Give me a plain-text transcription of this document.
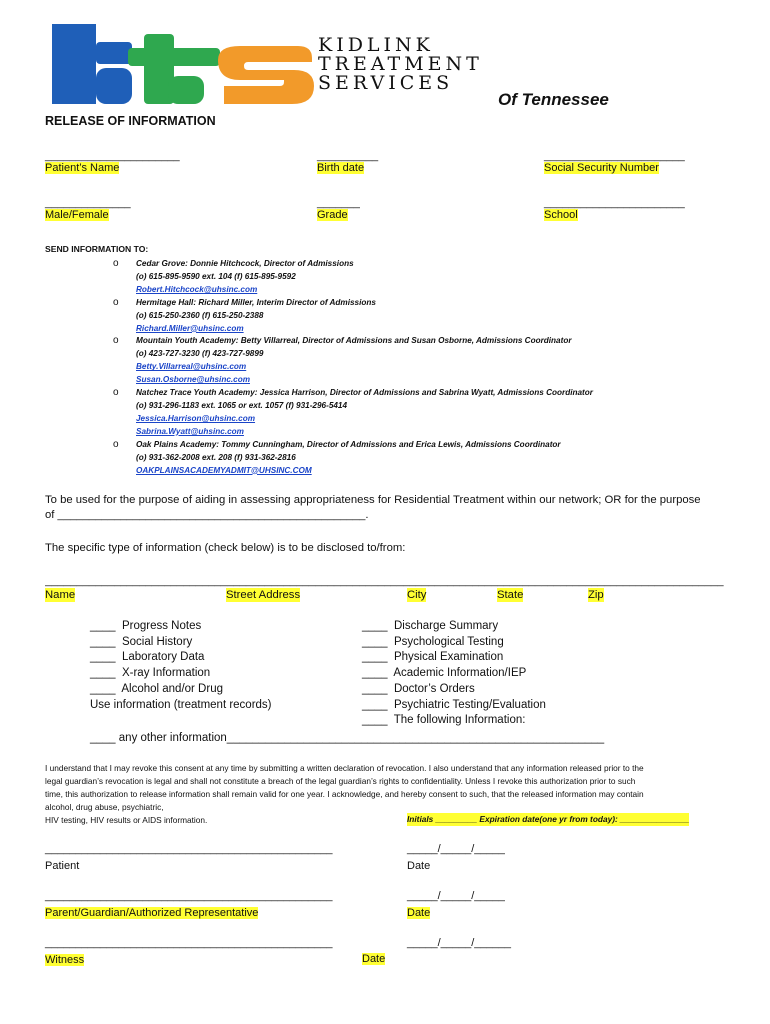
KIDLINK
TREATMENT
SERVICES
Of Tennessee
RELEASE OF INFORMATION
______________________
Patient’s Name
__________
Birth date
_______________________
Social Security Number
______________
Male/Female
_______
Grade
_______________________
School
SEND INFORMATION TO:
o Cedar Grove: Donnie Hitchcock, Director of Admissions
(o) 615-895-9590 ext. 104 (f) 615-895-9592
Robert.Hitchcock@uhsinc.com
o Hermitage Hall: Richard Miller, Interim Director of Admissions
(o) 615-250-2360 (f) 615-250-2388
Richard.Miller@uhsinc.com
o Mountain Youth Academy: Betty Villarreal, Director of Admissions and Susan Osborne, Admissions Coordinator
(o) 423-727-3230 (f) 423-727-9899
Betty.Villarreal@uhsinc.com
Susan.Osborne@uhsinc.com
o Natchez Trace Youth Academy: Jessica Harrison, Director of Admissions and Sabrina Wyatt, Admissions Coordinator
(o) 931-296-1183 ext. 1065 or ext. 1057 (f) 931-296-5414
Jessica.Harrison@uhsinc.com
Sabrina.Wyatt@uhsinc.com
o Oak Plains Academy: Tommy Cunningham, Director of Admissions and Erica Lewis, Admissions Coordinator
(o) 931-362-2008 ext. 208 (f) 931-362-2816
OAKPLAINSACADEMYADMIT@UHSINC.COM
To be used for the purpose of aiding in assessing appropriateness for Residential Treatment within our network; OR for the purpose
of _________________________________________________.
The specific type of information (check below) is to be disclosed to/from:
____________________________________________________________________________________________________________
Name	Street Address	City	State	Zip
____  Progress Notes
____  Social History
____  Laboratory Data
____  X-ray Information
____  Alcohol and/or Drug
Use information (treatment records)
____  Discharge Summary
____  Psychological Testing
____  Physical Examination
____  Academic Information/IEP
____  Doctor’s Orders
____  Psychiatric Testing/Evaluation
____  The following Information:
____ any other information___________________________________________________________
I understand that I may revoke this consent at any time by submitting a written declaration of revocation. I also understand that any information released prior to the
legal guardian’s revocation is legal and shall not constitute a breach of the legal guardian’s rights to confidentiality. Unless I revoke this authorization prior to such
time, this authorization to release information shall remain valid for one year. I acknowledge, and hereby consent to such, that the released information may contain
alcohol, drug abuse, psychiatric,
HIV testing, HIV results or AIDS information.	Initials _________ Expiration date(one yr from today): _______________
_______________________________________________
Patient
_____/_____/_____
Date
_______________________________________________
Parent/Guardian/Authorized Representative
_____/_____/_____
Date
_______________________________________________
Witness	Date
_____/_____/______
